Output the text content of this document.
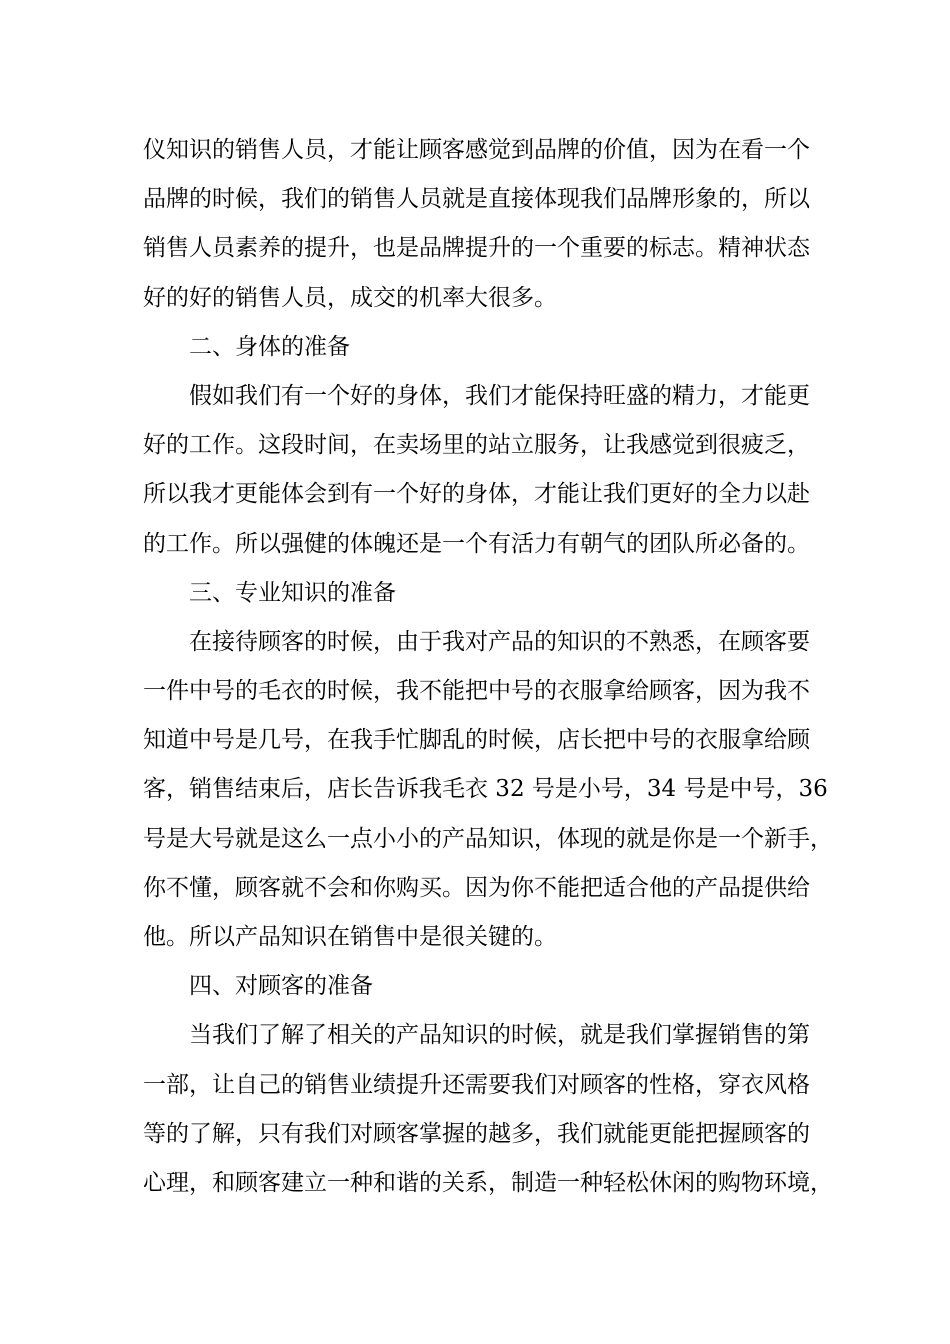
仪知识的销售人员，才能让顾客感觉到品牌的价值，因为在看一个
品牌的时候，我们的销售人员就是直接体现我们品牌形象的，所以
销售人员素养的提升，也是品牌提升的一个重要的标志。精神状态
好的好的销售人员，成交的机率大很多。
二、身体的准备
假如我们有一个好的身体，我们才能保持旺盛的精力，才能更
好的工作。这段时间，在卖场里的站立服务，让我感觉到很疲乏，
所以我才更能体会到有一个好的身体，才能让我们更好的全力以赴
的工作。所以强健的体魄还是一个有活力有朝气的团队所必备的。
三、专业知识的准备
在接待顾客的时候，由于我对产品的知识的不熟悉，在顾客要
一件中号的毛衣的时候，我不能把中号的衣服拿给顾客，因为我不
知道中号是几号，在我手忙脚乱的时候，店长把中号的衣服拿给顾
客，销售结束后，店长告诉我毛衣 32 号是小号，34 号是中号，36
号是大号就是这么一点小小的产品知识，体现的就是你是一个新手，
你不懂，顾客就不会和你购买。因为你不能把适合他的产品提供给
他。所以产品知识在销售中是很关键的。
四、对顾客的准备
当我们了解了相关的产品知识的时候，就是我们掌握销售的第
一部，让自己的销售业绩提升还需要我们对顾客的性格，穿衣风格
等的了解，只有我们对顾客掌握的越多，我们就能更能把握顾客的
心理，和顾客建立一种和谐的关系，制造一种轻松休闲的购物环境，
